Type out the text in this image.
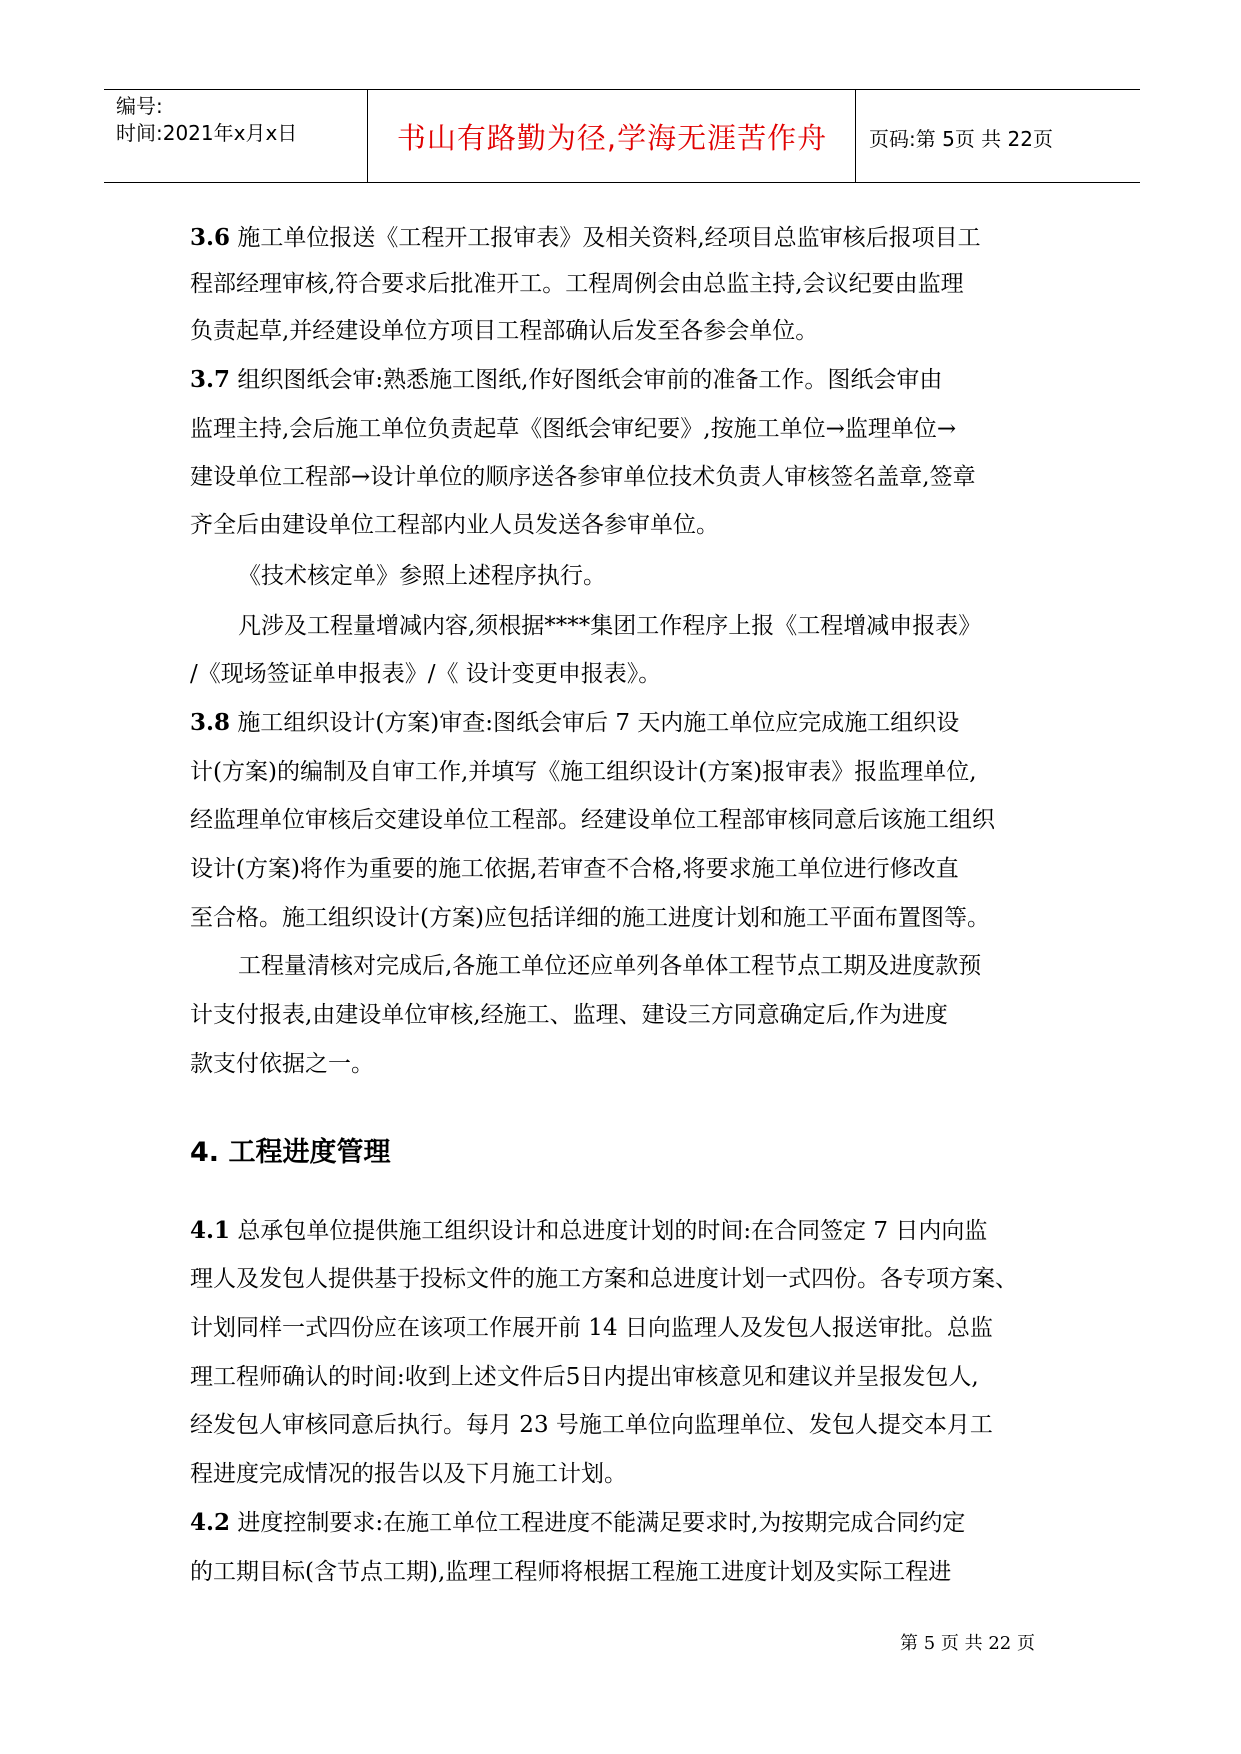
编号:
时间:2021年x月x日	书山有路勤为径,学海无涯苦作舟	页码:第 5页 共 22页
3.6 施工单位报送《工程开工报审表》及相关资料,经项目总监审核后报项目工
程部经理审核,符合要求后批准开工。工程周例会由总监主持,会议纪要由监理
负责起草,并经建设单位方项目工程部确认后发至各参会单位。
3.7 组织图纸会审:熟悉施工图纸,作好图纸会审前的准备工作。图纸会审由
监理主持,会后施工单位负责起草《图纸会审纪要》,按施工单位→监理单位→
建设单位工程部→设计单位的顺序送各参审单位技术负责人审核签名盖章,签章
齐全后由建设单位工程部内业人员发送各参审单位。
《技术核定单》参照上述程序执行。
凡涉及工程量增减内容,须根据****集团工作程序上报《工程增减申报表》
/《现场签证单申报表》/《 设计变更申报表》。
3.8 施工组织设计(方案)审查:图纸会审后 7 天内施工单位应完成施工组织设
计(方案)的编制及自审工作,并填写《施工组织设计(方案)报审表》报监理单位,
经监理单位审核后交建设单位工程部。经建设单位工程部审核同意后该施工组织
设计(方案)将作为重要的施工依据,若审查不合格,将要求施工单位进行修改直
至合格。施工组织设计(方案)应包括详细的施工进度计划和施工平面布置图等。
工程量清核对完成后,各施工单位还应单列各单体工程节点工期及进度款预
计支付报表,由建设单位审核,经施工、监理、建设三方同意确定后,作为进度
款支付依据之一。
4. 工程进度管理
4.1 总承包单位提供施工组织设计和总进度计划的时间:在合同签定 7 日内向监
理人及发包人提供基于投标文件的施工方案和总进度计划一式四份。各专项方案、
计划同样一式四份应在该项工作展开前 14 日向监理人及发包人报送审批。总监
理工程师确认的时间:收到上述文件后5日内提出审核意见和建议并呈报发包人,
经发包人审核同意后执行。每月 23 号施工单位向监理单位、发包人提交本月工
程进度完成情况的报告以及下月施工计划。
4.2 进度控制要求:在施工单位工程进度不能满足要求时,为按期完成合同约定
的工期目标(含节点工期),监理工程师将根据工程施工进度计划及实际工程进
第 5 页 共 22 页
